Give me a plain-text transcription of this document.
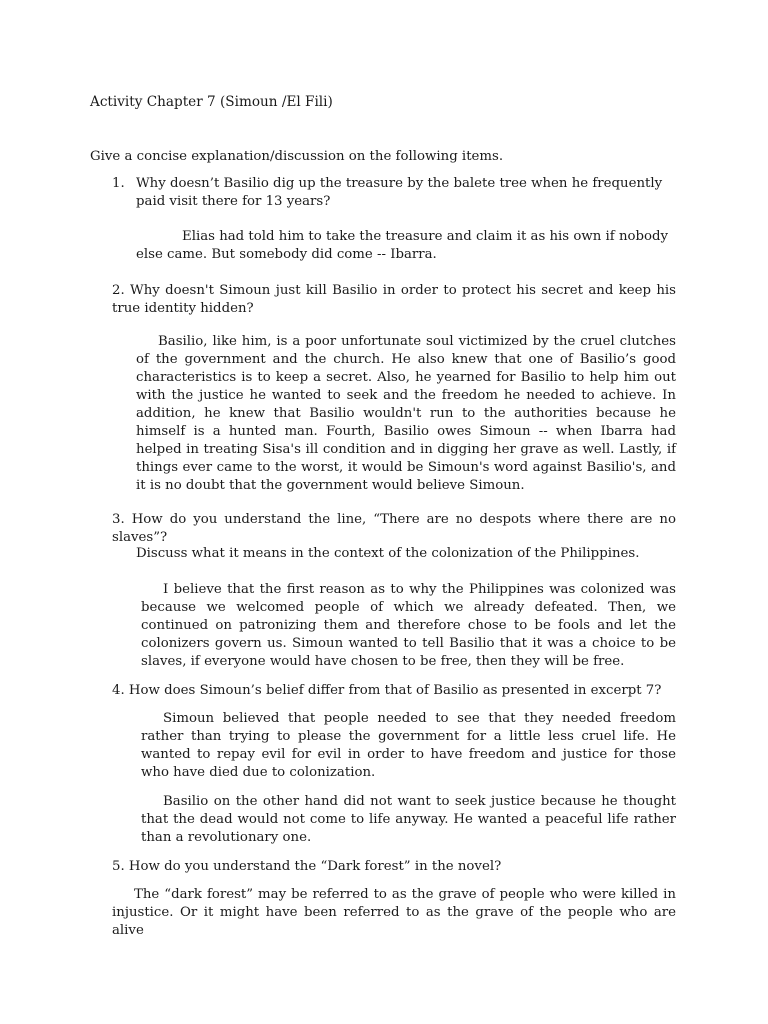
Activity Chapter 7 (Simoun /El Fili)
Give a concise explanation/discussion on the following items.
1. Why doesn’t Basilio dig up the treasure by the balete tree when he frequently paid visit there for 13 years?
Elias had told him to take the treasure and claim it as his own if nobody else came. But somebody did come -- Ibarra.
2. Why doesn't Simoun just kill Basilio in order to protect his secret and keep his true identity hidden?
Basilio, like him, is a poor unfortunate soul victimized by the cruel clutches of the government and the church. He also knew that one of Basilio’s good characteristics is to keep a secret. Also, he yearned for Basilio to help him out with the justice he wanted to seek and the freedom he needed to achieve. In addition, he knew that Basilio wouldn't run to the authorities because he himself is a hunted man. Fourth, Basilio owes Simoun -- when Ibarra had helped in treating Sisa's ill condition and in digging her grave as well. Lastly, if things ever came to the worst, it would be Simoun's word against Basilio's, and it is no doubt that the government would believe Simoun.
3. How do you understand the line, “There are no despots where there are no slaves”?
Discuss what it means in the context of the colonization of the Philippines.
I believe that the first reason as to why the Philippines was colonized was because we welcomed people of which we already defeated. Then, we continued on patronizing them and therefore chose to be fools and let the colonizers govern us. Simoun wanted to tell Basilio that it was a choice to be slaves, if everyone would have chosen to be free, then they will be free.
4. How does Simoun’s belief differ from that of Basilio as presented in excerpt 7?
Simoun believed that people needed to see that they needed freedom rather than trying to please the government for a little less cruel life. He wanted to repay evil for evil in order to have freedom and justice for those who have died due to colonization.
Basilio on the other hand did not want to seek justice because he thought that the dead would not come to life anyway. He wanted a peaceful life rather than a revolutionary one.
5. How do you understand the “Dark forest” in the novel?
The “dark forest” may be referred to as the grave of people who were killed in injustice. Or it might have been referred to as the grave of the people who are alive
